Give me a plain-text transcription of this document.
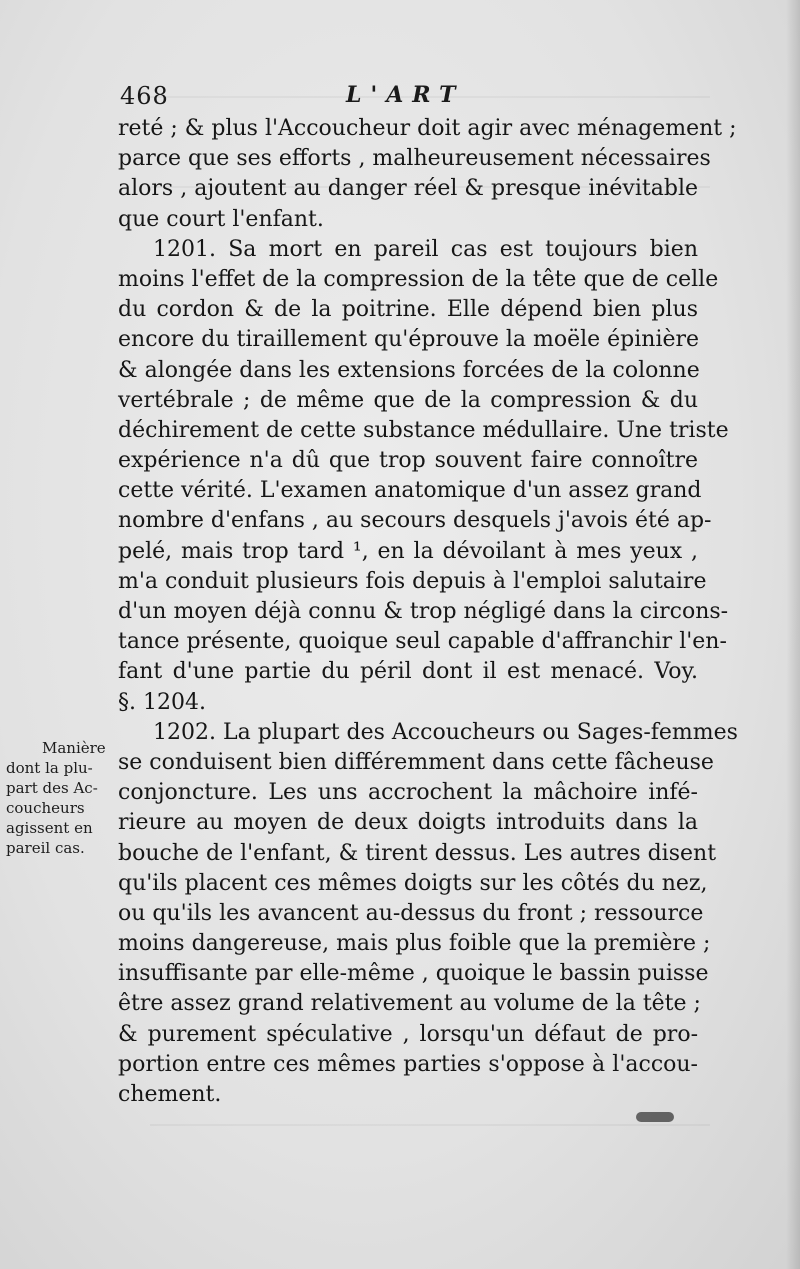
468	L'ART
reté ; & plus l'Accoucheur doit agir avec ménagement ;
parce que ses efforts , malheureusement nécessaires
alors , ajoutent au danger réel & presque inévitable
que court l'enfant.
1201. Sa mort en pareil cas est toujours bien
moins l'effet de la compression de la tête que de celle
du cordon & de la poitrine. Elle dépend bien plus
encore du tiraillement qu'éprouve la moële épinière
& alongée dans les extensions forcées de la colonne
vertébrale ; de même que de la compression & du
déchirement de cette substance médullaire. Une triste
expérience n'a dû que trop souvent faire connoître
cette vérité. L'examen anatomique d'un assez grand
nombre d'enfans , au secours desquels j'avois été ap-
pelé, mais trop tard ¹, en la dévoilant à mes yeux ,
m'a conduit plusieurs fois depuis à l'emploi salutaire
d'un moyen déjà connu & trop négligé dans la circons-
tance présente, quoique seul capable d'affranchir l'en-
fant d'une partie du péril dont il est menacé. Voy.
§. 1204.
1202. La plupart des Accoucheurs ou Sages-femmes
se conduisent bien différemment dans cette fâcheuse
conjoncture. Les uns accrochent la mâchoire infé-
rieure au moyen de deux doigts introduits dans la
bouche de l'enfant, & tirent dessus. Les autres disent
qu'ils placent ces mêmes doigts sur les côtés du nez,
ou qu'ils les avancent au-dessus du front ; ressource
moins dangereuse, mais plus foible que la première ;
insuffisante par elle-même , quoique le bassin puisse
être assez grand relativement au volume de la tête ;
& purement spéculative , lorsqu'un défaut de pro-
portion entre ces mêmes parties s'oppose à l'accou-
chement.
Manière
dont la plu-
part des Ac-
coucheurs
agissent en
pareil cas.
